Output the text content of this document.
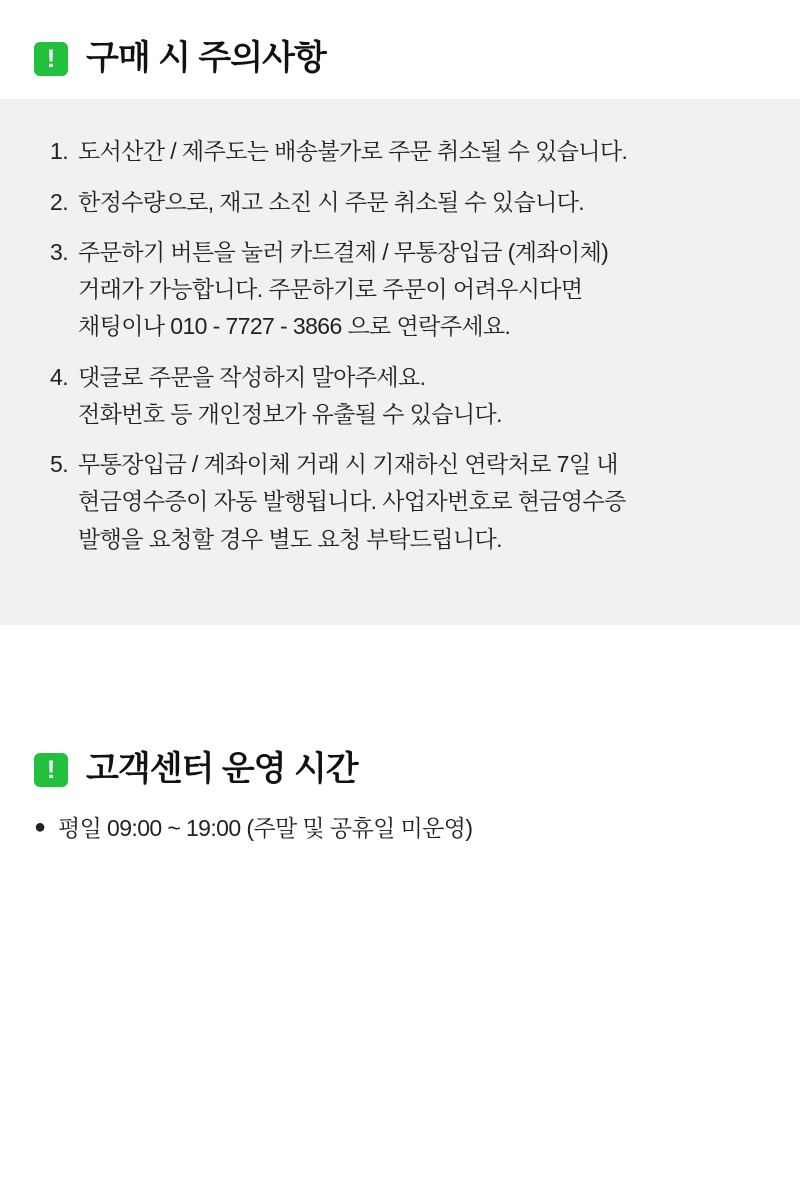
! 구매 시 주의사항
1. 도서산간 / 제주도는 배송불가로 주문 취소될 수 있습니다.
2. 한정수량으로, 재고 소진 시 주문 취소될 수 있습니다.
3. 주문하기 버튼을 눌러 카드결제 / 무통장입금 (계좌이체)
거래가 가능합니다. 주문하기로 주문이 어려우시다면
채팅이나 010 - 7727 - 3866 으로 연락주세요.
4. 댓글로 주문을 작성하지 말아주세요.
전화번호 등 개인정보가 유출될 수 있습니다.
5. 무통장입금 / 계좌이체 거래 시 기재하신 연락처로 7일 내
현금영수증이 자동 발행됩니다. 사업자번호로 현금영수증
발행을 요청할 경우 별도 요청 부탁드립니다.
! 고객센터 운영 시간
● 평일 09:00 ~ 19:00 (주말 및 공휴일 미운영)
